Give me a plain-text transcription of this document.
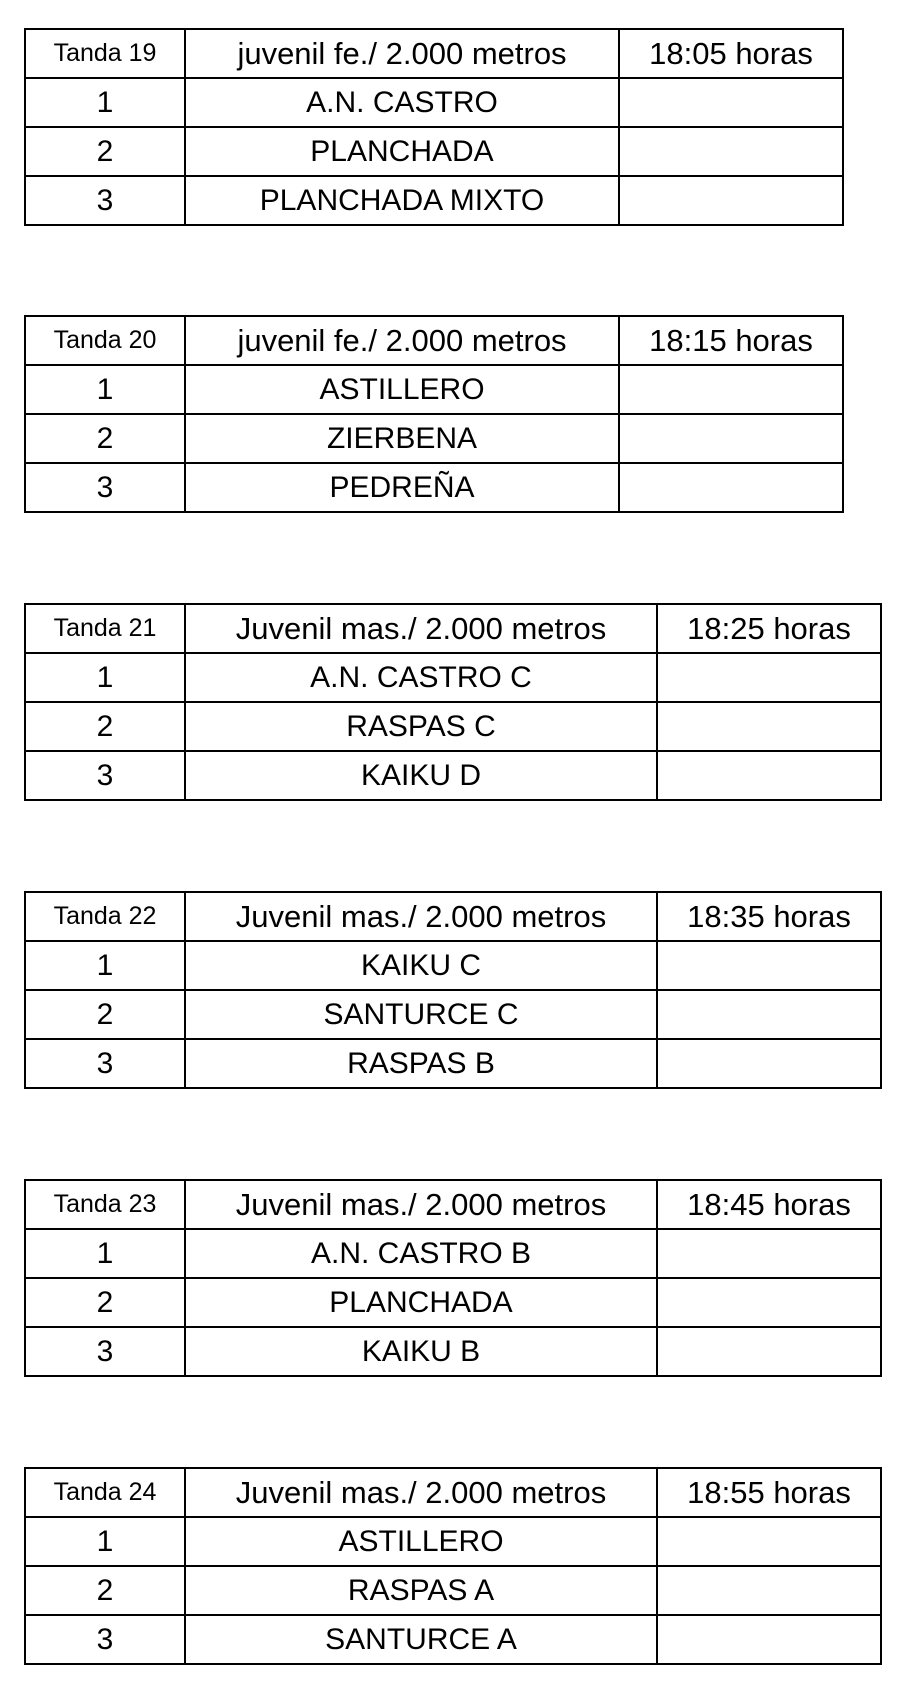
Tanda 19	juvenil fe./ 2.000 metros	18:05 horas
1	A.N. CASTRO	
2	PLANCHADA	
3	PLANCHADA MIXTO	
Tanda 20	juvenil fe./ 2.000 metros	18:15 horas
1	ASTILLERO	
2	ZIERBENA	
3	PEDREÑA	
Tanda 21	Juvenil mas./ 2.000 metros	18:25 horas
1	A.N. CASTRO C	
2	RASPAS C	
3	KAIKU D	
Tanda 22	Juvenil mas./ 2.000 metros	18:35 horas
1	KAIKU C	
2	SANTURCE C	
3	RASPAS B	
Tanda 23	Juvenil mas./ 2.000 metros	18:45 horas
1	A.N. CASTRO B	
2	PLANCHADA	
3	KAIKU B	
Tanda 24	Juvenil mas./ 2.000 metros	18:55 horas
1	ASTILLERO	
2	RASPAS A	
3	SANTURCE A	
